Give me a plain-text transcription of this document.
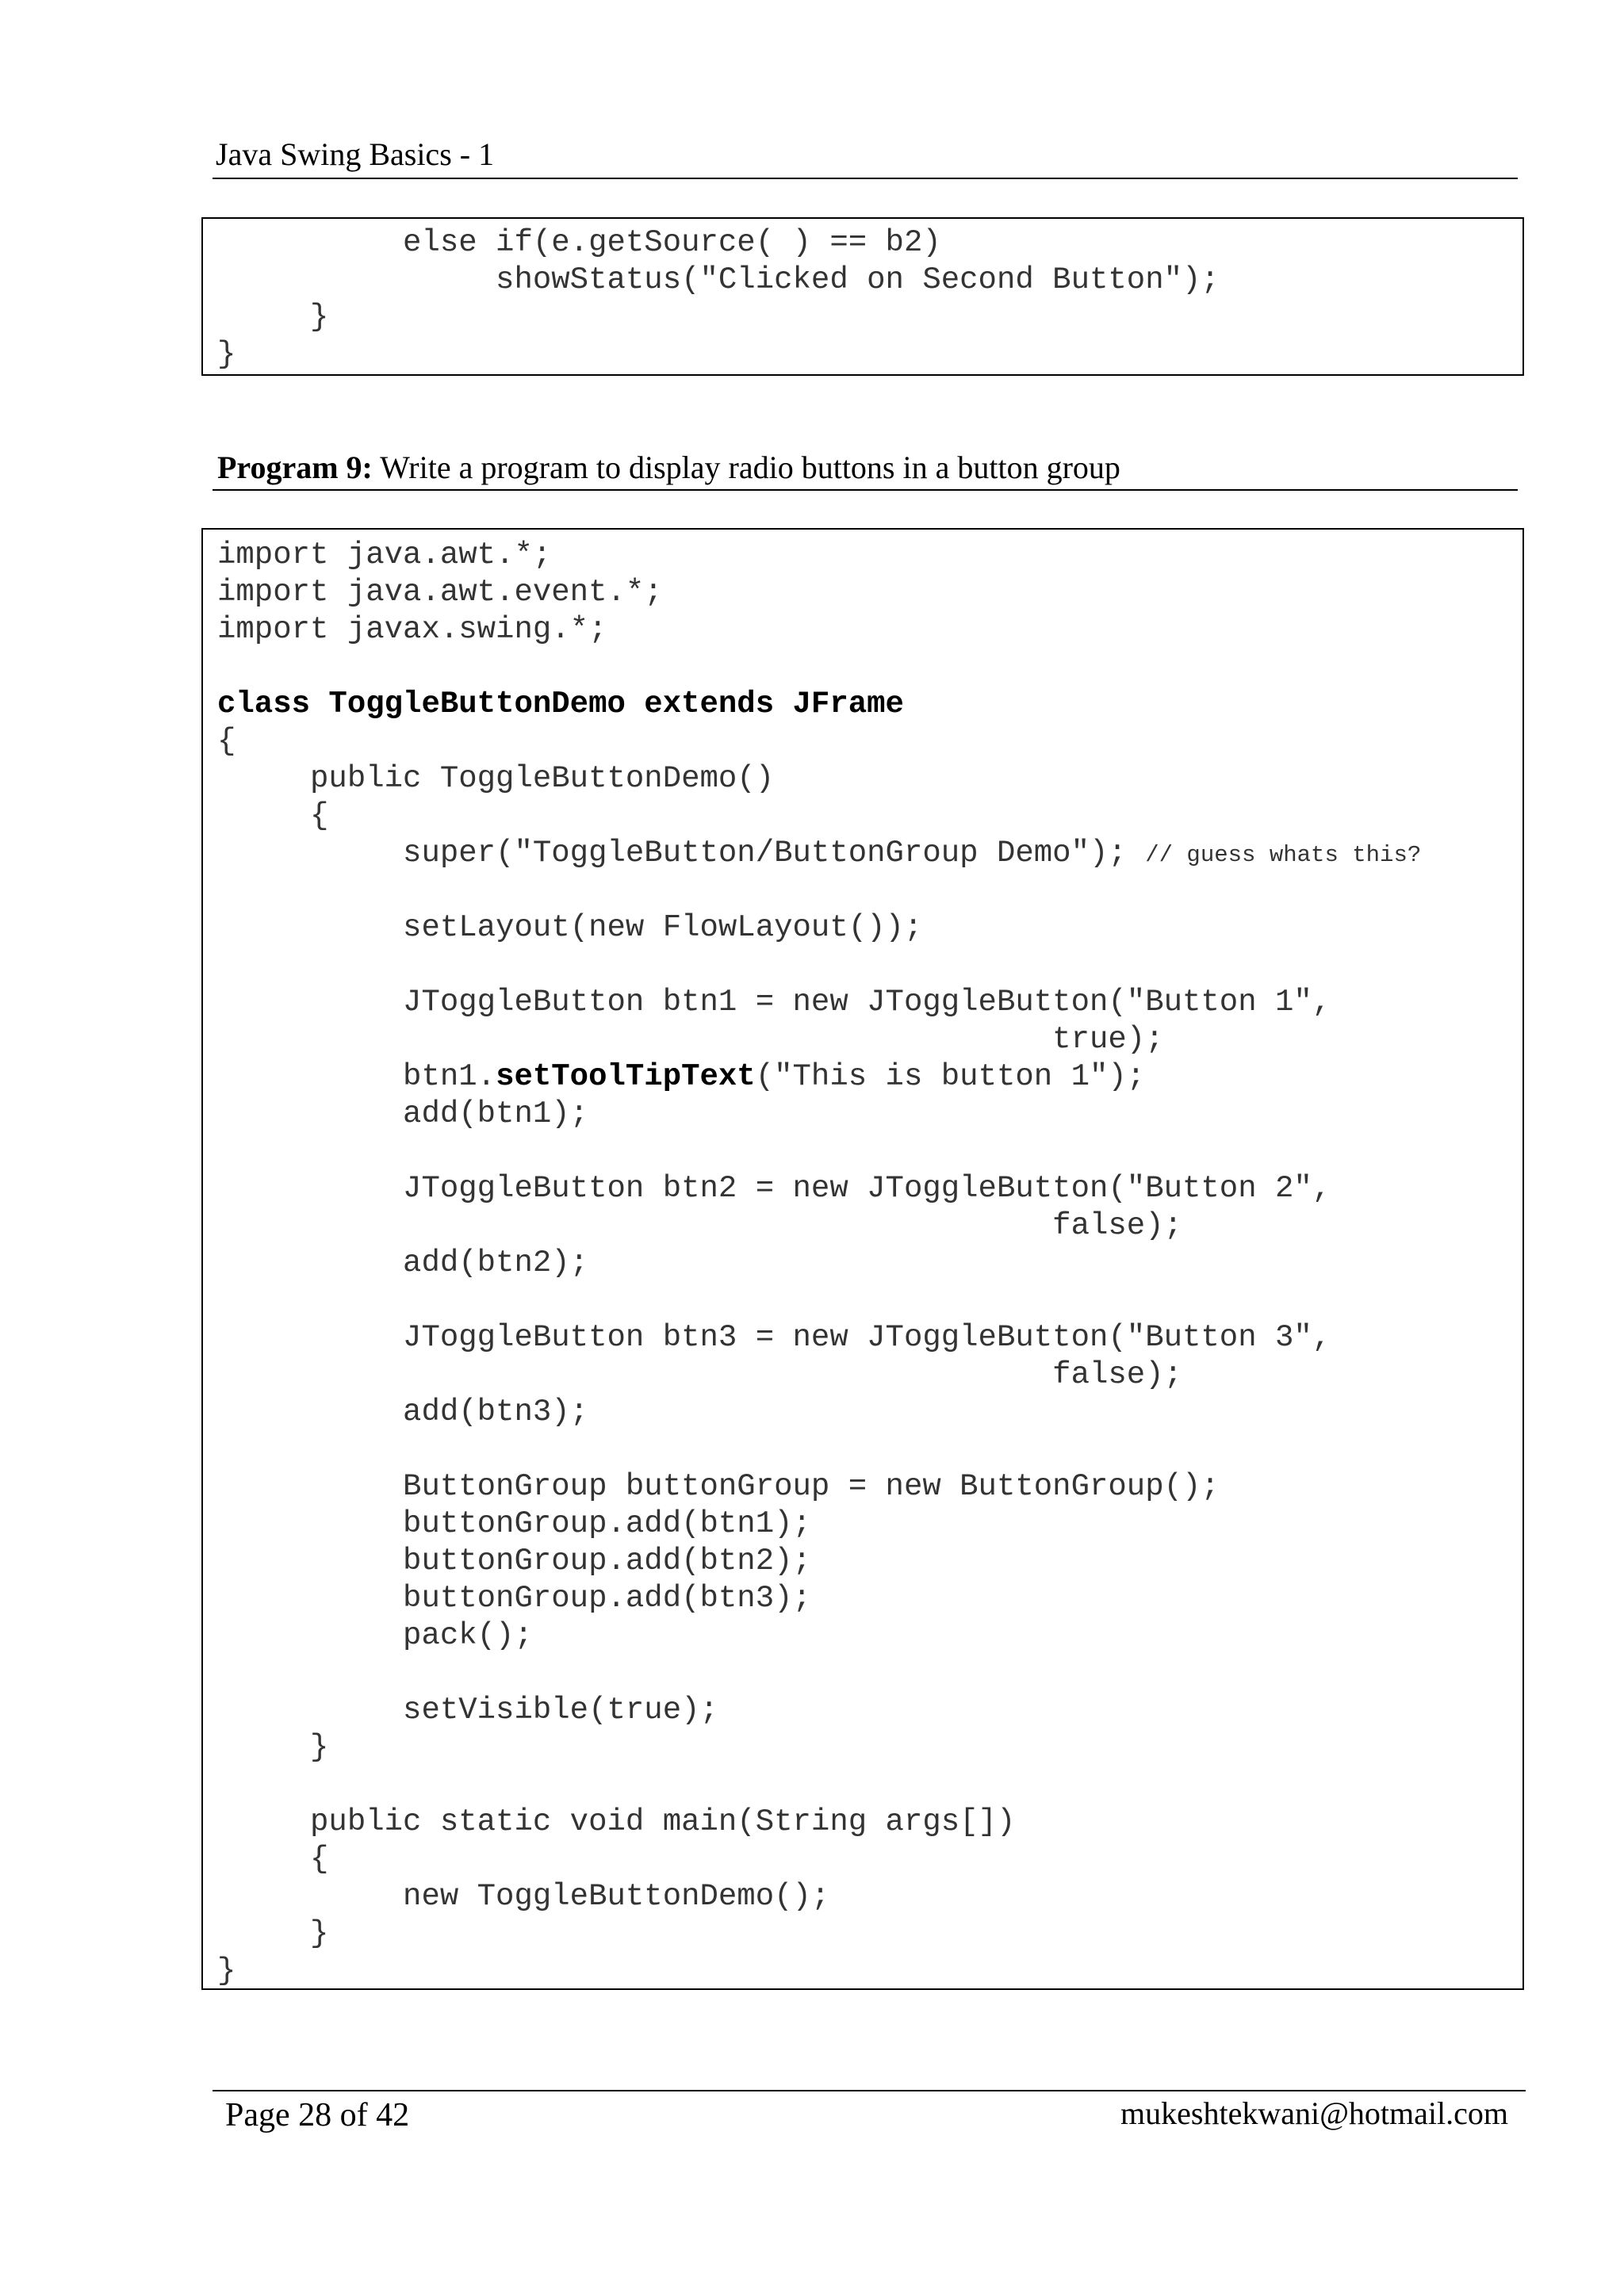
Java Swing Basics - 1
else if(e.getSource( ) == b2)
showStatus("Clicked on Second Button");
}
}
Program 9: Write a program to display radio buttons in a button group
import java.awt.*;
import java.awt.event.*;
import javax.swing.*;
class ToggleButtonDemo extends JFrame
{
public ToggleButtonDemo()
{
super("ToggleButton/ButtonGroup Demo"); // guess whats this?
setLayout(new FlowLayout());
JToggleButton btn1 = new JToggleButton("Button 1",
true);
btn1.setToolTipText("This is button 1");
add(btn1);
JToggleButton btn2 = new JToggleButton("Button 2",
false);
add(btn2);
JToggleButton btn3 = new JToggleButton("Button 3",
false);
add(btn3);
ButtonGroup buttonGroup = new ButtonGroup();
buttonGroup.add(btn1);
buttonGroup.add(btn2);
buttonGroup.add(btn3);
pack();
setVisible(true);
}
public static void main(String args[])
{
new ToggleButtonDemo();
}
}
Page 28 of 42	mukeshtekwani@hotmail.com
